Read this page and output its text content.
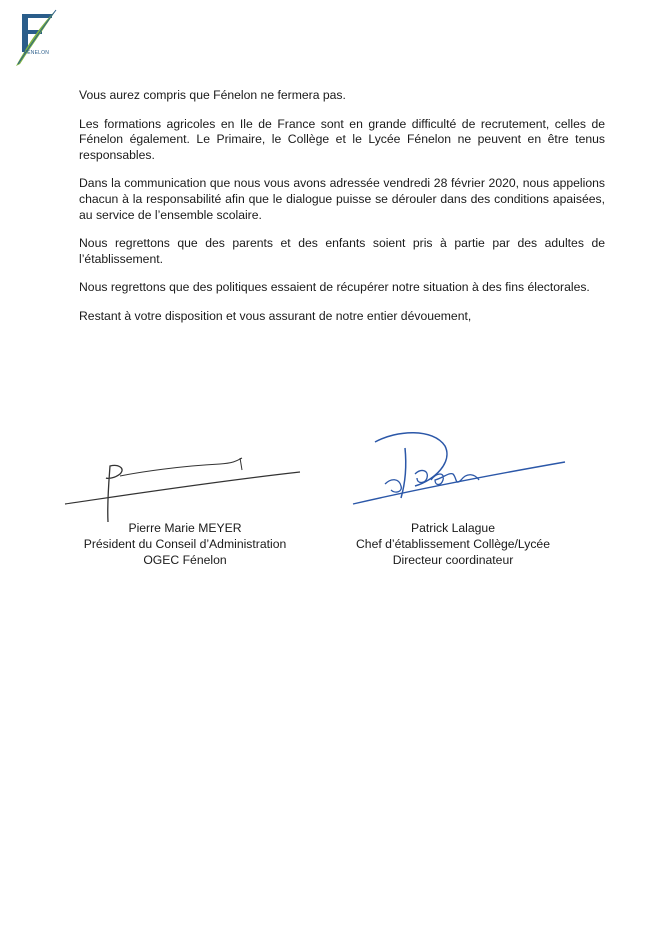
FÉNELON

Vous aurez compris que Fénelon ne fermera pas.

Les formations agricoles en Ile de France sont en grande difficulté de recrutement, celles de Fénelon également. Le Primaire, le Collège et le Lycée Fénelon ne peuvent en être tenus responsables.

Dans la communication que nous vous avons adressée vendredi 28 février 2020, nous appelions chacun à la responsabilité afin que le dialogue puisse se dérouler dans des conditions apaisées, au service de l’ensemble scolaire.

Nous regrettons que des parents et des enfants soient pris à partie par des adultes de l’établissement.

Nous regrettons que des politiques essaient de récupérer notre situation à des fins électorales.

Restant à votre disposition et vous assurant de notre entier dévouement,

Pierre Marie MEYER

Président du Conseil d’Administration

OGEC Fénelon

Patrick Lalague

Chef d’établissement Collège/Lycée

Directeur coordinateur
